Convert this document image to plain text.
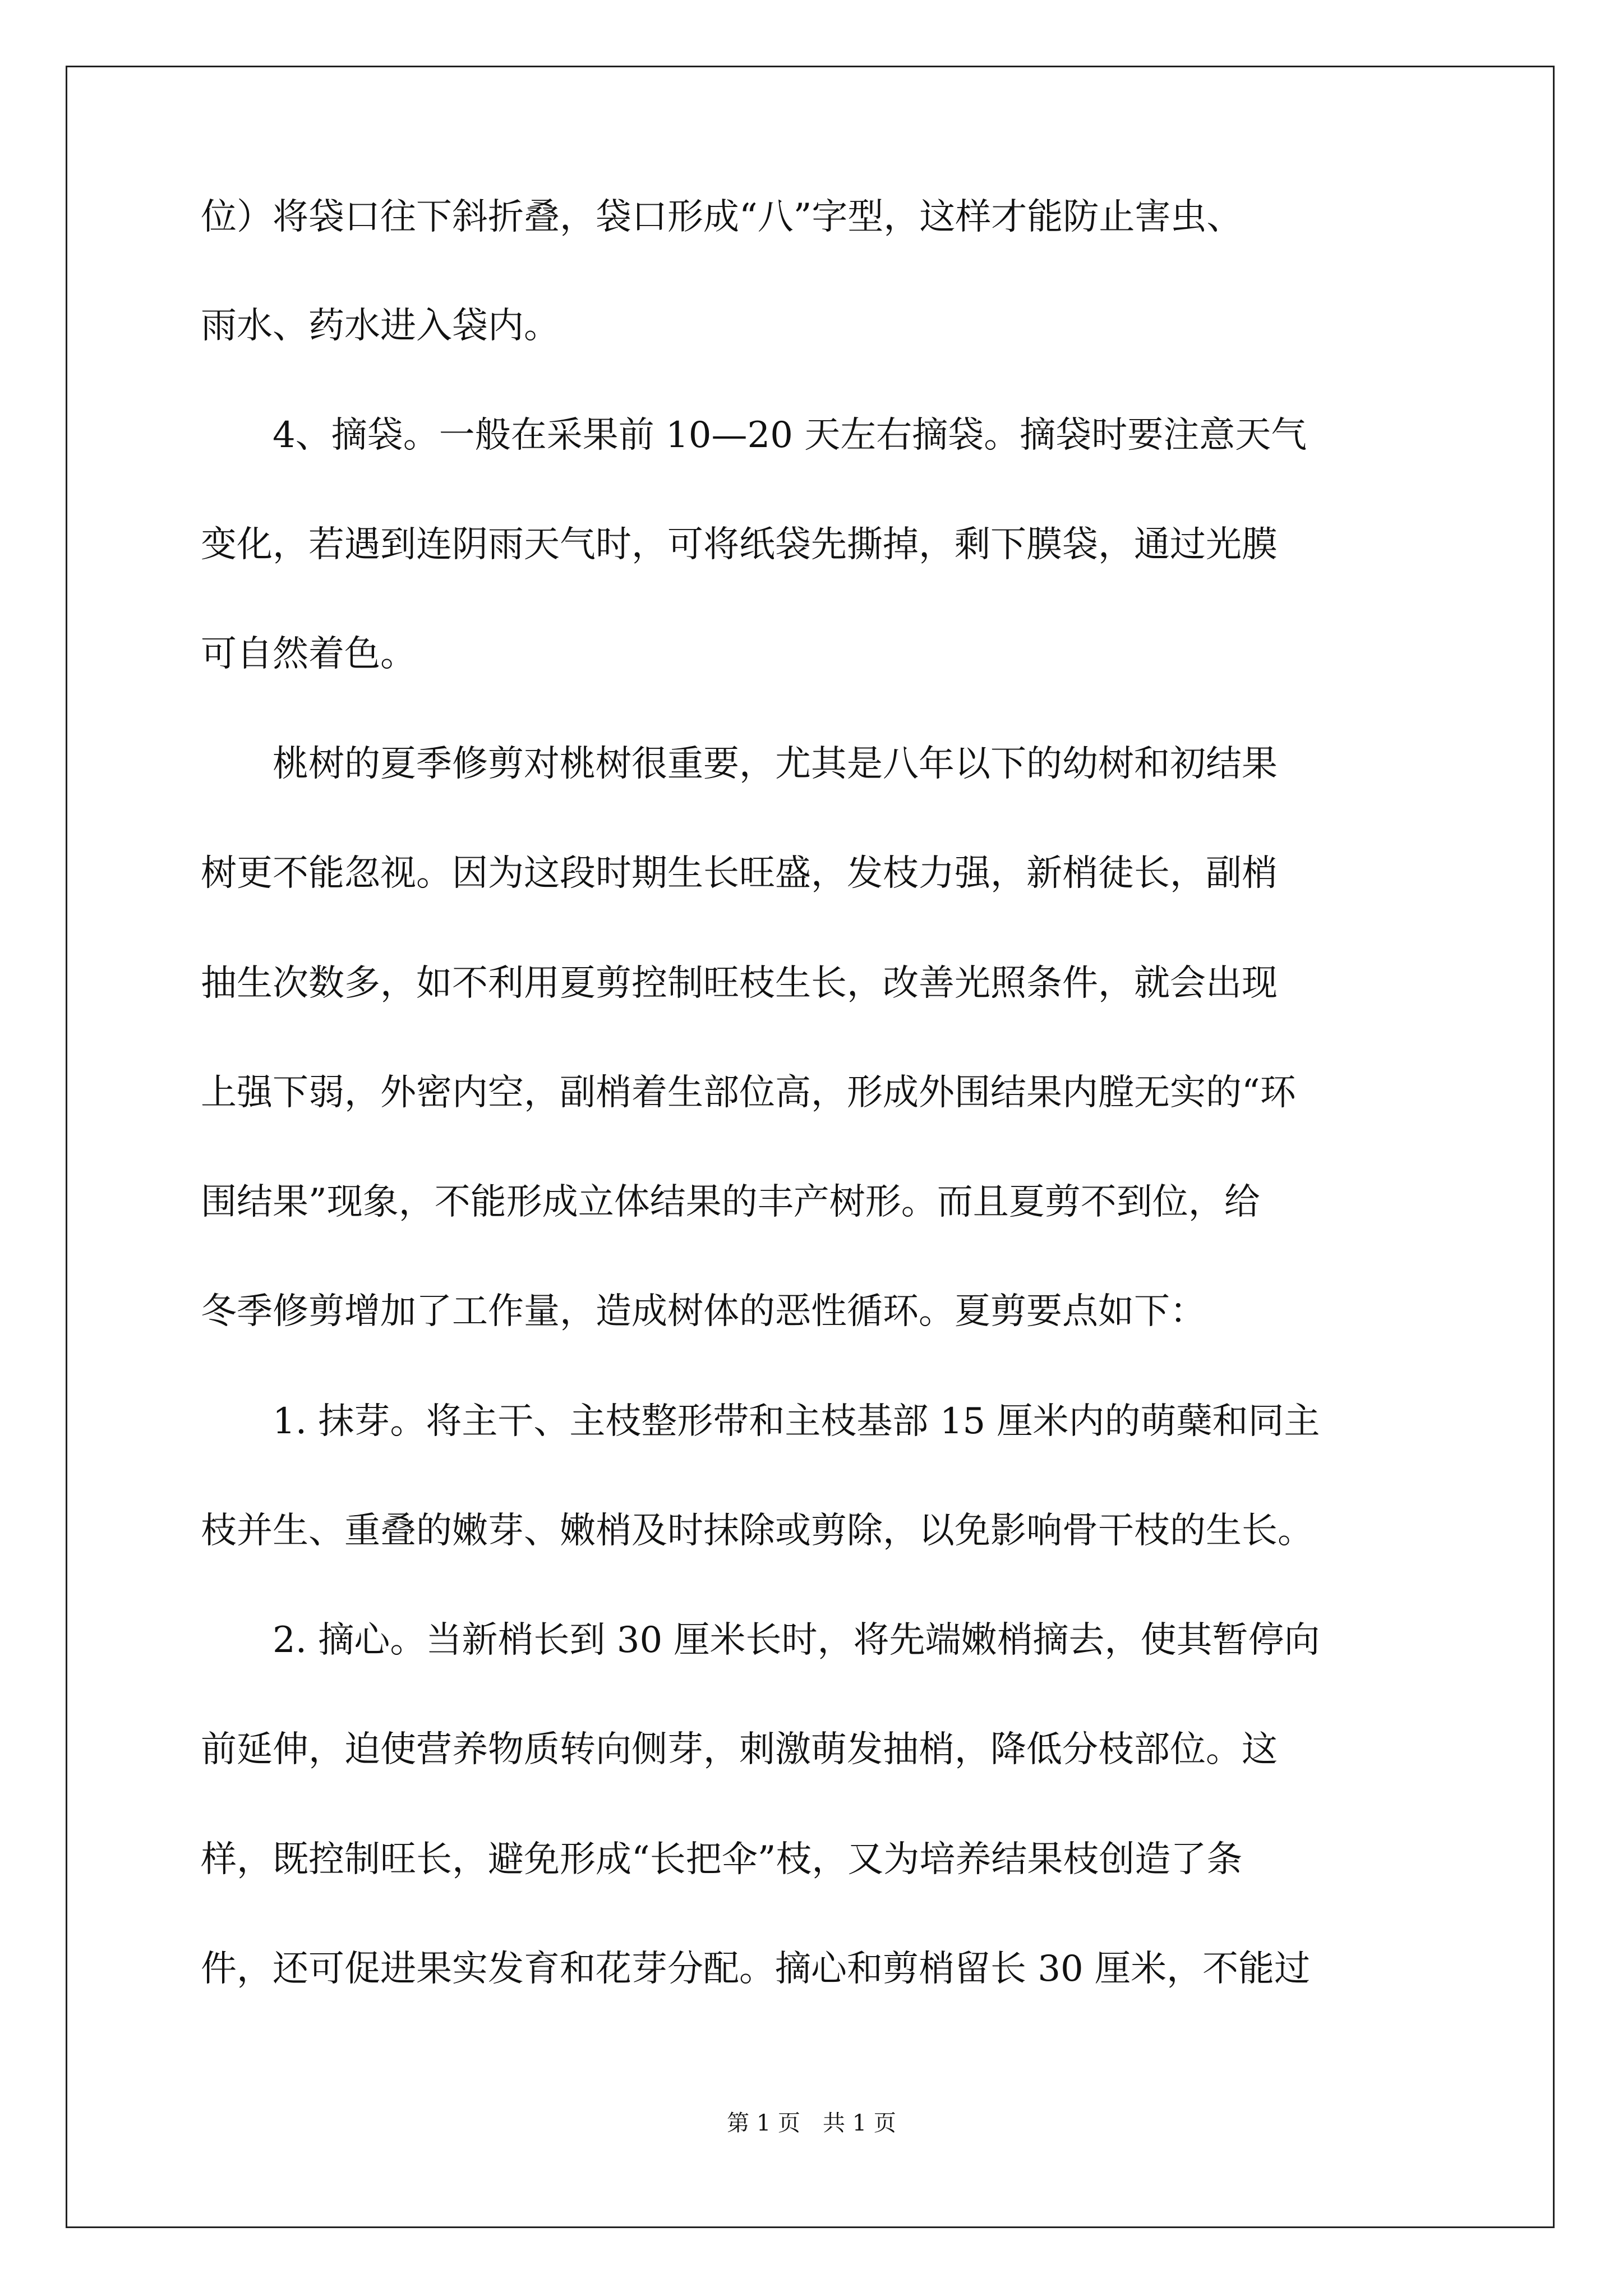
位）将袋口往下斜折叠，袋口形成“八”字型，这样才能防止害虫、
雨水、药水进入袋内。
　　4、摘袋。一般在采果前 10—20 天左右摘袋。摘袋时要注意天气
变化，若遇到连阴雨天气时，可将纸袋先撕掉，剩下膜袋，通过光膜
可自然着色。
　　桃树的夏季修剪对桃树很重要，尤其是八年以下的幼树和初结果
树更不能忽视。因为这段时期生长旺盛，发枝力强，新梢徒长，副梢
抽生次数多，如不利用夏剪控制旺枝生长，改善光照条件，就会出现
上强下弱，外密内空，副梢着生部位高，形成外围结果内膛无实的“环
围结果”现象，不能形成立体结果的丰产树形。而且夏剪不到位，给
冬季修剪增加了工作量，造成树体的恶性循环。夏剪要点如下：
　　1. 抹芽。将主干、主枝整形带和主枝基部 15 厘米内的萌蘖和同主
枝并生、重叠的嫩芽、嫩梢及时抹除或剪除，以免影响骨干枝的生长。
　　2. 摘心。当新梢长到 30 厘米长时，将先端嫩梢摘去，使其暂停向
前延伸，迫使营养物质转向侧芽，刺激萌发抽梢，降低分枝部位。这
样，既控制旺长，避免形成“长把伞”枝，又为培养结果枝创造了条
件，还可促进果实发育和花芽分配。摘心和剪梢留长 30 厘米，不能过
第 1 页　共 1 页
